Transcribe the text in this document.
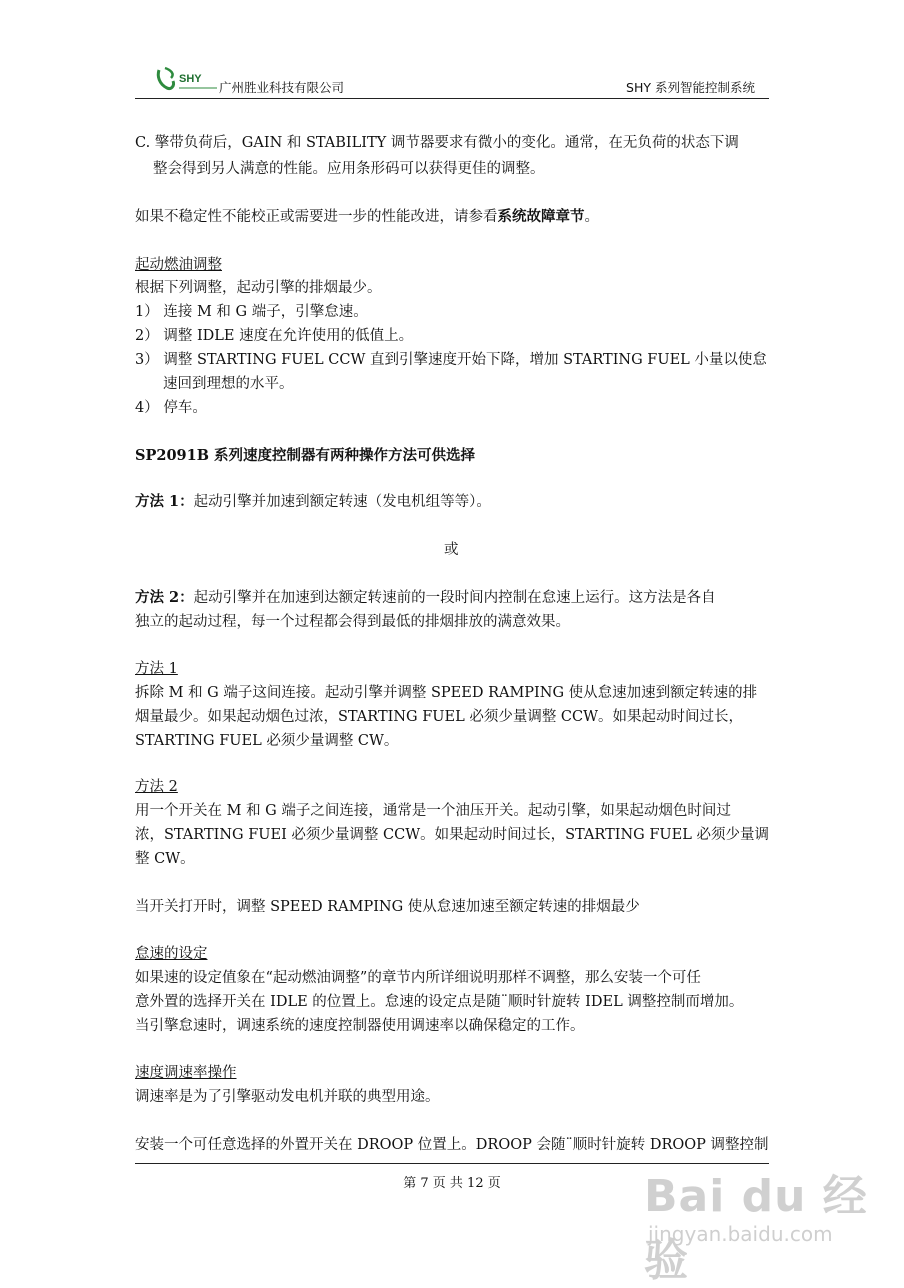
SHY
广州胜业科技有限公司	SHY 系列智能控制系统
C. 擎带负荷后，GAIN 和 STABILITY 调节器要求有微小的变化。通常，在无负荷的状态下调
整会得到另人满意的性能。应用条形码可以获得更佳的调整。
如果不稳定性不能校正或需要进一步的性能改进，请参看系统故障章节。
起动燃油调整
根据下列调整，起动引擎的排烟最少。
1） 连接 M 和 G 端子，引擎怠速。
2） 调整 IDLE 速度在允许使用的低值上。
3） 调整 STARTING FUEL CCW 直到引擎速度开始下降，增加 STARTING FUEL 小量以使怠
速回到理想的水平。
4） 停车。
SP2091B 系列速度控制器有两种操作方法可供选择
方法 1：起动引擎并加速到额定转速（发电机组等等）。
或
方法 2：起动引擎并在加速到达额定转速前的一段时间内控制在怠速上运行。这方法是各自
独立的起动过程，每一个过程都会得到最低的排烟排放的满意效果。
方法 1
拆除 M 和 G 端子这间连接。起动引擎并调整 SPEED RAMPING 使从怠速加速到额定转速的排
烟量最少。如果起动烟色过浓，STARTING FUEL 必须少量调整 CCW。如果起动时间过长，
STARTING FUEL 必须少量调整 CW。
方法 2
用一个开关在 M 和 G 端子之间连接，通常是一个油压开关。起动引擎，如果起动烟色时间过
浓，STARTING FUEI 必须少量调整 CCW。如果起动时间过长，STARTING FUEL 必须少量调
整 CW。
当开关打开时，调整 SPEED RAMPING 使从怠速加速至额定转速的排烟最少
怠速的设定
如果速的设定值象在“起动燃油调整”的章节内所详细说明那样不调整，那么安装一个可任
意外置的选择开关在 IDLE 的位置上。怠速的设定点是随¨顺时针旋转 IDEL 调整控制而增加。
当引擎怠速时，调速系统的速度控制器使用调速率以确保稳定的工作。
速度调速率操作
调速率是为了引擎驱动发电机并联的典型用途。
安装一个可任意选择的外置开关在 DROOP 位置上。DROOP 会随¨顺时针旋转 DROOP 调整控制
第 7 页 共 12 页	Bai du 经验
jingyan.baidu.com
